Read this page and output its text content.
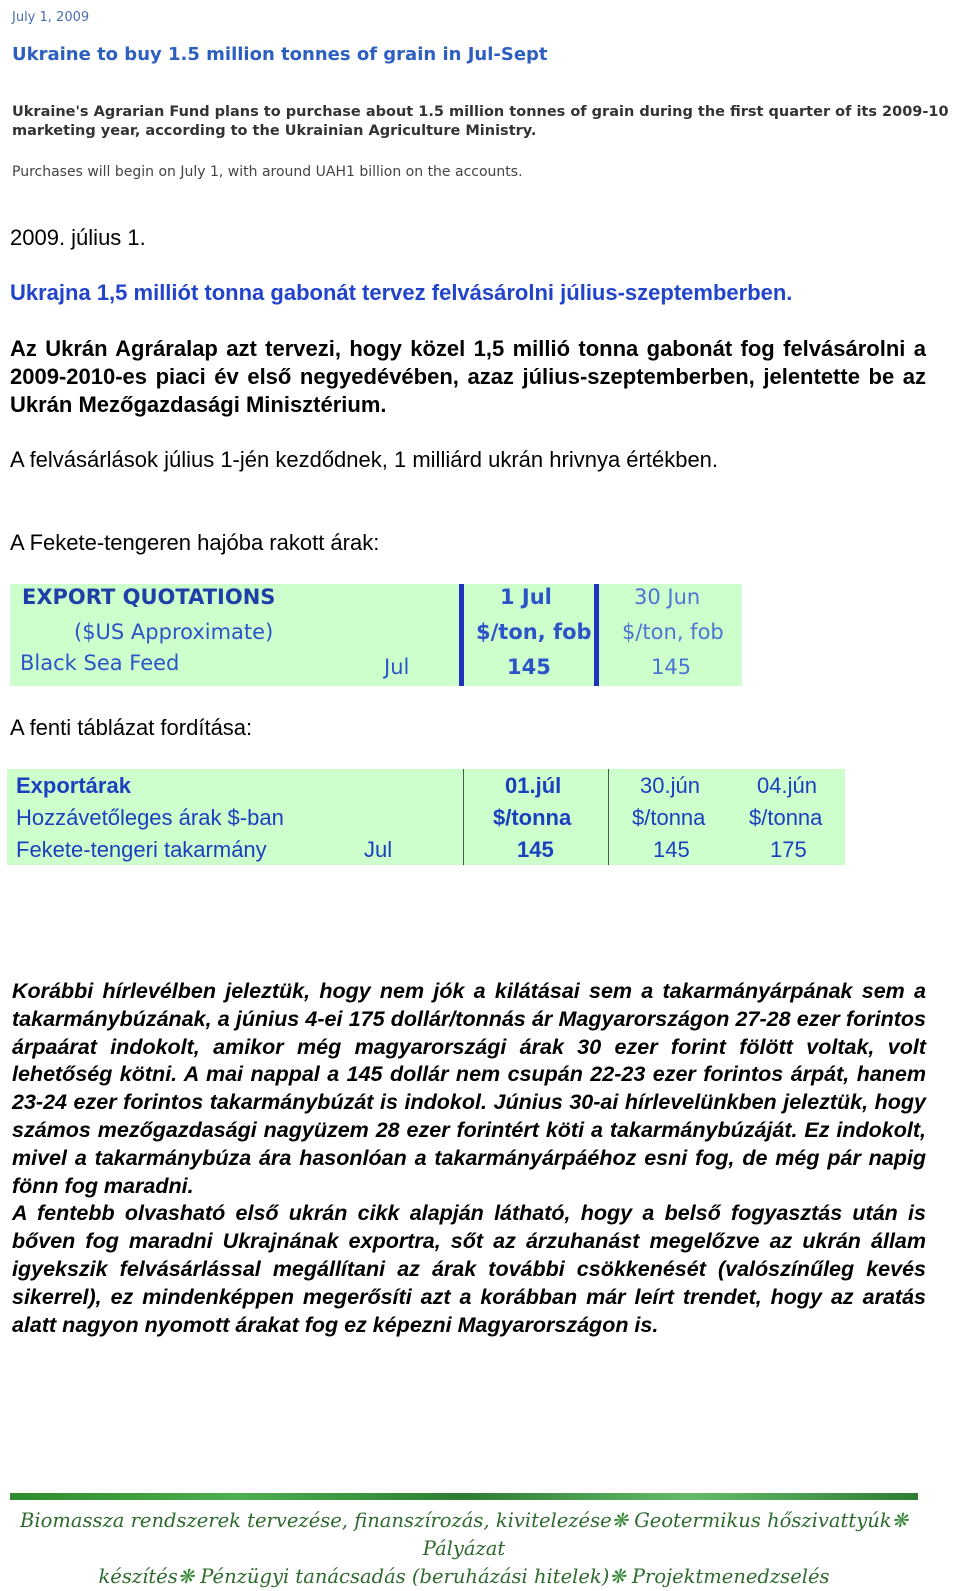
July 1, 2009
Ukraine to buy 1.5 million tonnes of grain in Jul-Sept
Ukraine's Agrarian Fund plans to purchase about 1.5 million tonnes of grain during the first quarter of its 2009-10 marketing year, according to the Ukrainian Agriculture Ministry.
Purchases will begin on July 1, with around UAH1 billion on the accounts.
2009. július 1.
Ukrajna 1,5 milliót tonna gabonát tervez felvásárolni július-szeptemberben.
Az Ukrán Agráralap azt tervezi, hogy közel 1,5 millió tonna gabonát fog felvásárolni a 2009-2010-es piaci év első negyedévében, azaz július-szeptemberben, jelentette be az Ukrán Mezőgazdasági Minisztérium.
A felvásárlások július 1-jén kezdődnek, 1 milliárd ukrán hrivnya értékben.
A Fekete-tengeren hajóba rakott árak:
EXPORT QUOTATIONS
($US Approximate)
Black Sea Feed	Jul
1 Jul
$/ton, fob
145
30 Jun
$/ton, fob
145
A fenti táblázat fordítása:
Exportárak
Hozzávetőleges árak $-ban
Fekete-tengeri takarmány	Jul
01.júl
$/tonna
145
30.jún
$/tonna
145
04.jún
$/tonna
175

Korábbi hírlevélben jeleztük, hogy nem jók a kilátásai sem a takarmányárpának sem a takarmánybúzának, a június 4-ei 175 dollár/tonnás ár Magyarországon 27-28 ezer forintos árpaárat indokolt, amikor még magyarországi árak 30 ezer forint fölött voltak, volt lehetőség kötni. A mai nappal a 145 dollár nem csupán 22-23 ezer forintos árpát, hanem 23-24 ezer forintos takarmánybúzát is indokol. Június 30-ai hírlevelünkben jeleztük, hogy számos mezőgazdasági nagyüzem 28 ezer forintért köti a takarmánybúzáját. Ez indokolt, mivel a takarmánybúza ára hasonlóan a takarmányárpáéhoz esni fog, de még pár napig fönn fog maradni.

A fentebb olvasható első ukrán cikk alapján látható, hogy a belső fogyasztás után is bőven fog maradni Ukrajnának exportra, sőt az árzuhanást megelőzve az ukrán állam igyekszik felvásárlással megállítani az árak további csökkenését (valószínűleg kevés sikerrel), ez mindenképpen megerősíti azt a korábban már leírt trendet, hogy az aratás alatt nagyon nyomott árakat fog ez képezni Magyarországon is.

Biomassza rendszerek tervezése, finanszírozás, kivitelezése❋ Geotermikus hőszivattyúk❋ Pályázat
készítés❋ Pénzügyi tanácsadás (beruházási hitelek)❋ Projektmenedzselés
